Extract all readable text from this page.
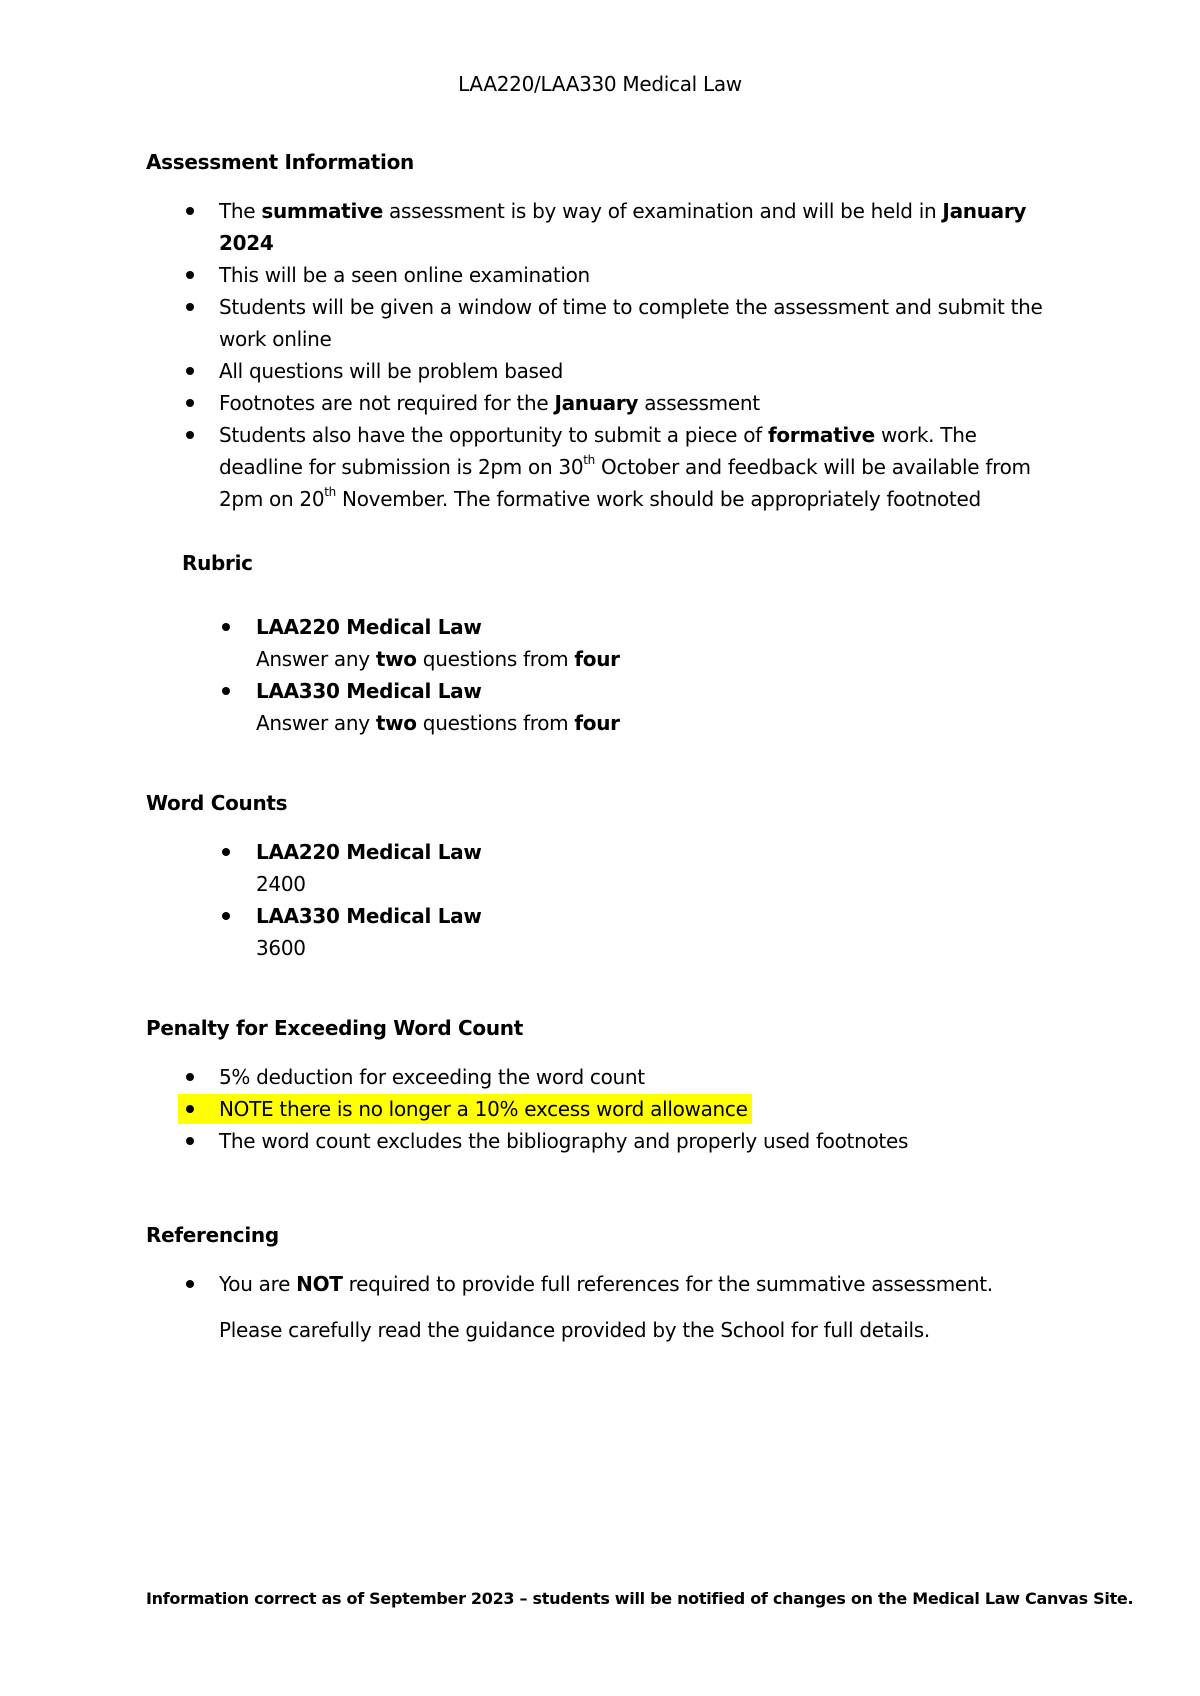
LAA220/LAA330 Medical Law
Assessment Information
The summative assessment is by way of examination and will be held in January
2024
This will be a seen online examination
Students will be given a window of time to complete the assessment and submit the
work online
All questions will be problem based
Footnotes are not required for the January assessment
Students also have the opportunity to submit a piece of formative work. The
deadline for submission is 2pm on 30th October and feedback will be available from
2pm on 20th November. The formative work should be appropriately footnoted
Rubric
LAA220 Medical Law
Answer any two questions from four
LAA330 Medical Law
Answer any two questions from four
Word Counts
LAA220 Medical Law
2400
LAA330 Medical Law
3600
Penalty for Exceeding Word Count
5% deduction for exceeding the word count
NOTE there is no longer a 10% excess word allowance
The word count excludes the bibliography and properly used footnotes
Referencing
You are NOT required to provide full references for the summative assessment.
Please carefully read the guidance provided by the School for full details.
Information correct as of September 2023 – students will be notified of changes on the Medical Law Canvas Site.
